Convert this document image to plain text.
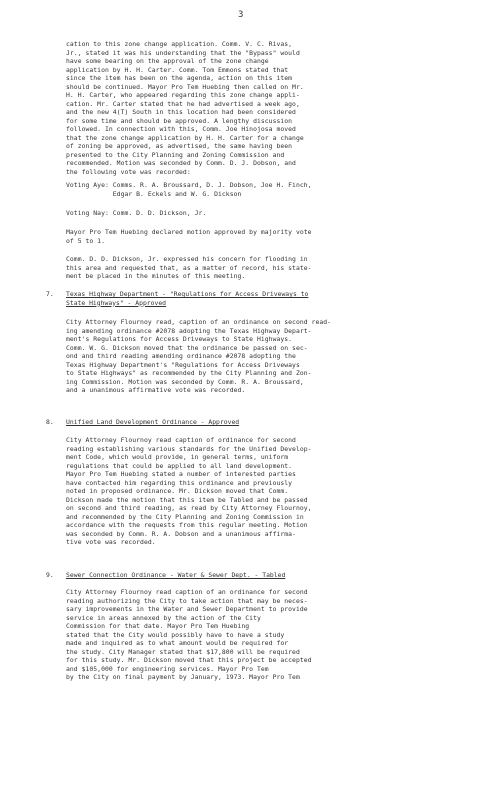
3
cation to this zone change application. Comm. V. C. Rivas,
Jr., stated it was his understanding that the "Bypass" would
have some bearing on the approval of the zone change
application by H. H. Carter. Comm. Tom Emmons stated that
since the item has been on the agenda, action on this item
should be continued. Mayor Pro Tem Huebing then called on Mr.
H. H. Carter, who appeared regarding this zone change appli-
cation. Mr. Carter stated that he had advertised a week ago,
and the new 4(T) South in this location had been considered
for some time and should be approved. A lengthy discussion
followed. In connection with this, Comm. Joe Hinojosa moved
that the zone change application by H. H. Carter for a change
of zoning be approved, as advertised, the same having been
presented to the City Planning and Zoning Commission and
recommended. Motion was seconded by Comm. D. J. Dobson, and
the following vote was recorded:
Voting Aye: Comms. R. A. Broussard, D. J. Dobson, Joe H. Finch,
Edgar B. Eckels and W. G. Dickson
Voting Nay: Comm. D. D. Dickson, Jr.
Mayor Pro Tem Huebing declared motion approved by majority vote
of 5 to 1.
Comm. D. D. Dickson, Jr. expressed his concern for flooding in
this area and requested that, as a matter of record, his state-
ment be placed in the minutes of this meeting.
7. Texas Highway Department - "Regulations for Access Driveways to
State Highways" - Approved
City Attorney Flournoy read, caption of an ordinance on second read-
ing amending ordinance #2078 adopting the Texas Highway Depart-
ment's Regulations for Access Driveways to State Highways.
Comm. W. G. Dickson moved that the ordinance be passed on sec-
ond and third reading amending ordinance #2078 adopting the
Texas Highway Department's "Regulations for Access Driveways
to State Highways" as recommended by the City Planning and Zon-
ing Commission. Motion was seconded by Comm. R. A. Broussard,
and a unanimous affirmative vote was recorded.
8. Unified Land Development Ordinance - Approved
City Attorney Flournoy read caption of ordinance for second
reading establishing various standards for the Unified Develop-
ment Code, which would provide, in general terms, uniform
regulations that could be applied to all land development.
Mayor Pro Tem Huebing stated a number of interested parties
have contacted him regarding this ordinance and previously
noted in proposed ordinance. Mr. Dickson moved that Comm.
Dickson made the motion that this item be Tabled and be passed
on second and third reading, as read by City Attorney Flournoy,
and recommended by the City Planning and Zoning Commission in
accordance with the requests from this regular meeting. Motion
was seconded by Comm. R. A. Dobson and a unanimous affirma-
tive vote was recorded.
9. Sewer Connection Ordinance - Water & Sewer Dept. - Tabled
City Attorney Flournoy read caption of an ordinance for second
reading authorizing the City to take action that may be neces-
sary improvements in the Water and Sewer Department to provide
service in areas annexed by the action of the City
Commission for that date. Mayor Pro Tem Huebing
stated that the City would possibly have to have a study
made and inquired as to what amount would be required for
the study. City Manager stated that $17,800 will be required
for this study. Mr. Dickson moved that this project be accepted
and $105,000 for engineering services. Mayor Pro Tem
by the City on final payment by January, 1973. Mayor Pro Tem
